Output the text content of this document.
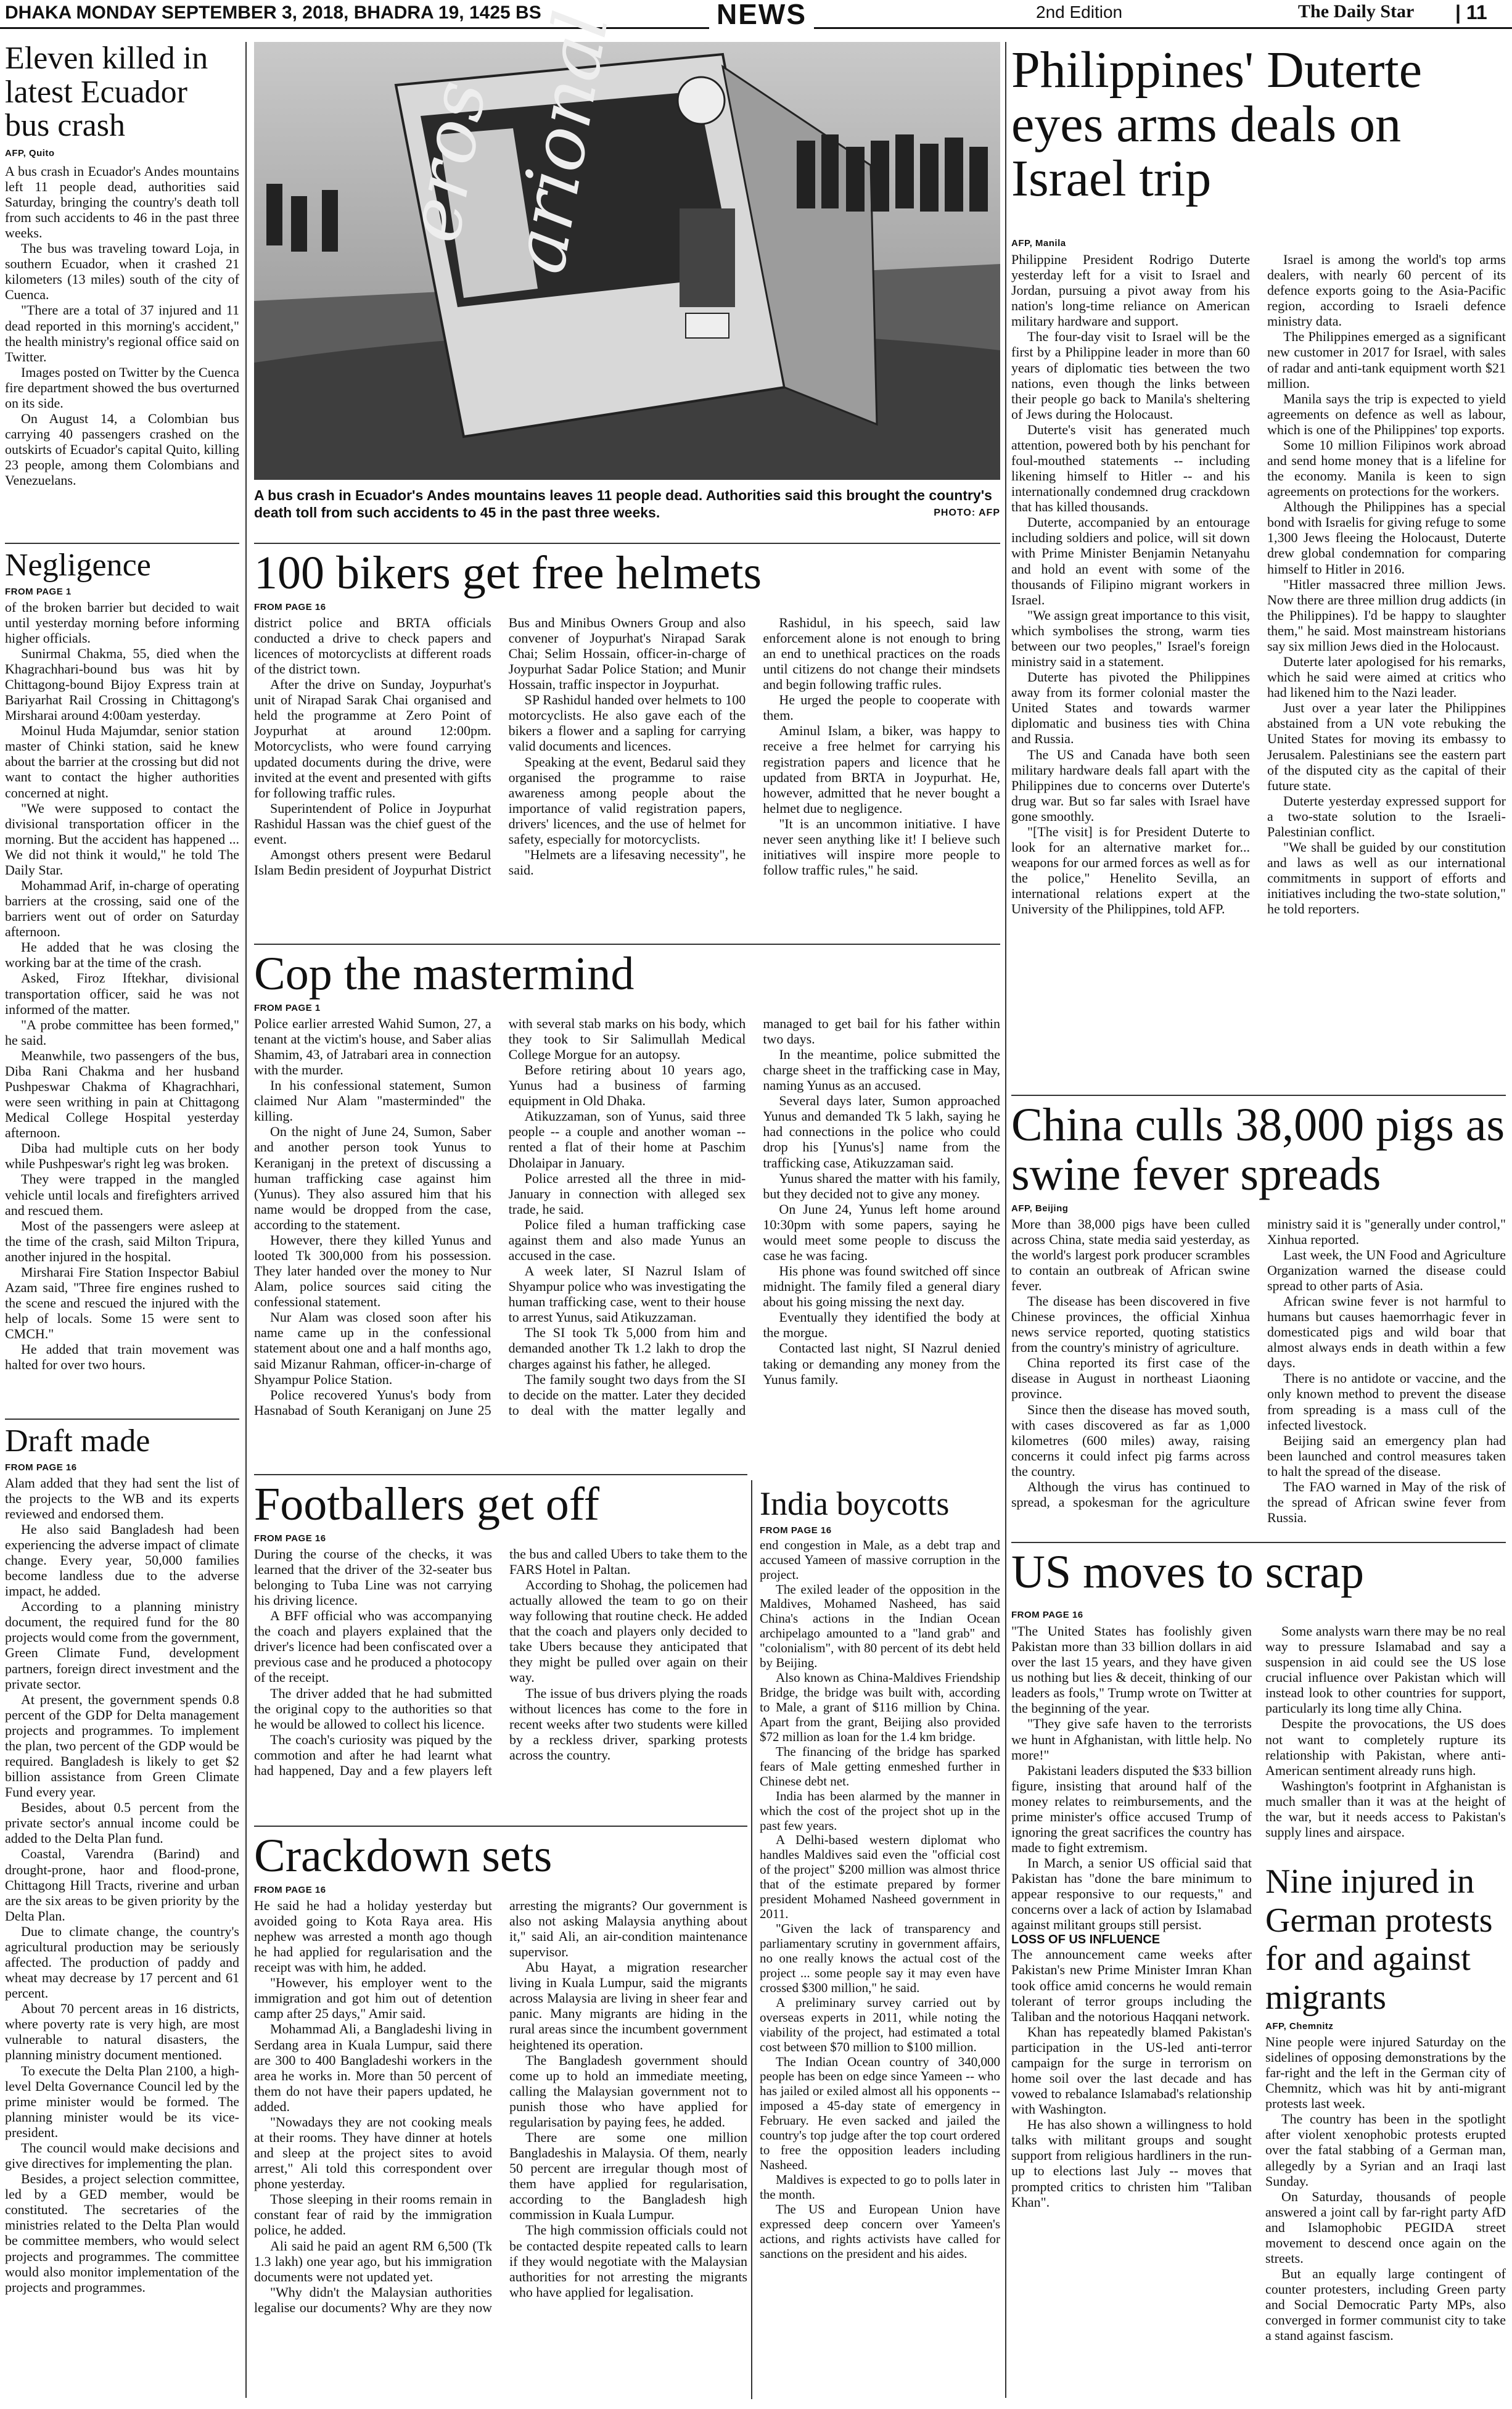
DHAKA MONDAY SEPTEMBER 3, 2018, BHADRA 19, 1425 BS	NEWS	2nd Edition	The Daily Star | 11
Eleven killed in latest Ecuador bus crash
AFP, Quito

A bus crash in Ecuador's Andes mountains left 11 people dead, authorities said Saturday, bringing the country's death toll from such accidents to 46 in the past three weeks.

The bus was traveling toward Loja, in southern Ecuador, when it crashed 21 kilometers (13 miles) south of the city of Cuenca.

"There are a total of 37 injured and 11 dead reported in this morning's accident," the health ministry's regional office said on Twitter.

Images posted on Twitter by the Cuenca fire department showed the bus overturned on its side.

On August 14, a Colombian bus carrying 40 passengers crashed on the outskirts of Ecuador's capital Quito, killing 23 people, among them Colombians and Venezuelans.

eros
arional
A bus crash in Ecuador's Andes mountains leaves 11 people dead. Authorities said this brought the country's death toll from such accidents to 45 in the past three weeks.	PHOTO: AFP
Philippines' Duterte eyes arms deals on Israel trip
AFP, Manila

Philippine President Rodrigo Duterte yesterday left for a visit to Israel and Jordan, pursuing a pivot away from his nation's long-time reliance on American military hardware and support.

The four-day visit to Israel will be the first by a Philippine leader in more than 60 years of diplomatic ties between the two nations, even though the links between their people go back to Manila's sheltering of Jews during the Holocaust.

Duterte's visit has generated much attention, powered both by his penchant for foul-mouthed statements -- including likening himself to Hitler -- and his internationally condemned drug crackdown that has killed thousands.

Duterte, accompanied by an entourage including soldiers and police, will sit down with Prime Minister Benjamin Netanyahu and hold an event with some of the thousands of Filipino migrant workers in Israel.

"We assign great importance to this visit, which symbolises the strong, warm ties between our two peoples," Israel's foreign ministry said in a statement.

Duterte has pivoted the Philippines away from its former colonial master the United States and towards warmer diplomatic and business ties with China and Russia.

The US and Canada have both seen military hardware deals fall apart with the Philippines due to concerns over Duterte's drug war. But so far sales with Israel have gone smoothly.

"[The visit] is for President Duterte to look for an alternative market for... weapons for our armed forces as well as for the police," Henelito Sevilla, an international relations expert at the University of the Philippines, told AFP.

Israel is among the world's top arms dealers, with nearly 60 percent of its defence exports going to the Asia-Pacific region, according to Israeli defence ministry data.

The Philippines emerged as a significant new customer in 2017 for Israel, with sales of radar and anti-tank equipment worth $21 million.

Manila says the trip is expected to yield agreements on defence as well as labour, which is one of the Philippines' top exports.

Some 10 million Filipinos work abroad and send home money that is a lifeline for the economy. Manila is keen to sign agreements on protections for the workers.

Although the Philippines has a special bond with Israelis for giving refuge to some 1,300 Jews fleeing the Holocaust, Duterte drew global condemnation for comparing himself to Hitler in 2016.

"Hitler massacred three million Jews. Now there are three million drug addicts (in the Philippines). I'd be happy to slaughter them," he said. Most mainstream historians say six million Jews died in the Holocaust.

Duterte later apologised for his remarks, which he said were aimed at critics who had likened him to the Nazi leader.

Just over a year later the Philippines abstained from a UN vote rebuking the United States for moving its embassy to Jerusalem. Palestinians see the eastern part of the disputed city as the capital of their future state.

Duterte yesterday expressed support for a two-state solution to the Israeli-Palestinian conflict.

"We shall be guided by our constitution and laws as well as our international commitments in support of efforts and initiatives including the two-state solution," he told reporters.

Negligence
FROM PAGE 1

of the broken barrier but decided to wait until yesterday morning before informing higher officials.

Sunirmal Chakma, 55, died when the Khagrachhari-bound bus was hit by Chittagong-bound Bijoy Express train at Bariyarhat Rail Crossing in Chittagong's Mirsharai around 4:00am yesterday.

Moinul Huda Majumdar, senior station master of Chinki station, said he knew about the barrier at the crossing but did not want to contact the higher authorities concerned at night.

"We were supposed to contact the divisional transportation officer in the morning. But the accident has happened ... We did not think it would," he told The Daily Star.

Mohammad Arif, in-charge of operating barriers at the crossing, said one of the barriers went out of order on Saturday afternoon.

He added that he was closing the working bar at the time of the crash.

Asked, Firoz Iftekhar, divisional transportation officer, said he was not informed of the matter.

"A probe committee has been formed," he said.

Meanwhile, two passengers of the bus, Diba Rani Chakma and her husband Pushpeswar Chakma of Khagrachhari, were seen writhing in pain at Chittagong Medical College Hospital yesterday afternoon.

Diba had multiple cuts on her body while Pushpeswar's right leg was broken.

They were trapped in the mangled vehicle until locals and firefighters arrived and rescued them.

Most of the passengers were asleep at the time of the crash, said Milton Tripura, another injured in the hospital.

Mirsharai Fire Station Inspector Babiul Azam said, "Three fire engines rushed to the scene and rescued the injured with the help of locals. Some 15 were sent to CMCH."

He added that train movement was halted for over two hours.

Draft made
FROM PAGE 16

Alam added that they had sent the list of the projects to the WB and its experts reviewed and endorsed them.

He also said Bangladesh had been experiencing the adverse impact of climate change. Every year, 50,000 families become landless due to the adverse impact, he added.

According to a planning ministry document, the required fund for the 80 projects would come from the government, Green Climate Fund, development partners, foreign direct investment and the private sector.

At present, the government spends 0.8 percent of the GDP for Delta management projects and programmes. To implement the plan, two percent of the GDP would be required. Bangladesh is likely to get $2 billion assistance from Green Climate Fund every year.

Besides, about 0.5 percent from the private sector's annual income could be added to the Delta Plan fund.

Coastal, Varendra (Barind) and drought-prone, haor and flood-prone, Chittagong Hill Tracts, riverine and urban are the six areas to be given priority by the Delta Plan.

Due to climate change, the country's agricultural production may be seriously affected. The production of paddy and wheat may decrease by 17 percent and 61 percent.

About 70 percent areas in 16 districts, where poverty rate is very high, are most vulnerable to natural disasters, the planning ministry document mentioned.

To execute the Delta Plan 2100, a high-level Delta Governance Council led by the prime minister would be formed. The planning minister would be its vice-president.

The council would make decisions and give directives for implementing the plan.

Besides, a project selection committee, led by a GED member, would be constituted. The secretaries of the ministries related to the Delta Plan would be committee members, who would select projects and programmes. The committee would also monitor implementation of the projects and programmes.

100 bikers get free helmets
FROM PAGE 16

district police and BRTA officials conducted a drive to check papers and licences of motorcyclists at different roads of the district town.

After the drive on Sunday, Joypurhat's unit of Nirapad Sarak Chai organised and held the programme at Zero Point of Joypurhat at around 12:00pm. Motorcyclists, who were found carrying updated documents during the drive, were invited at the event and presented with gifts for following traffic rules.

Superintendent of Police in Joypurhat Rashidul Hassan was the chief guest of the event.

Amongst others present were Bedarul Islam Bedin president of Joypurhat District Bus and Minibus Owners Group and also convener of Joypurhat's Nirapad Sarak Chai; Selim Hossain, officer-in-charge of Joypurhat Sadar Police Station; and Munir Hossain, traffic inspector in Joypurhat.

SP Rashidul handed over helmets to 100 motorcyclists. He also gave each of the bikers a flower and a sapling for carrying valid documents and licences.

Speaking at the event, Bedarul said they organised the programme to raise awareness among people about the importance of valid registration papers, drivers' licences, and the use of helmet for safety, especially for motorcyclists.

"Helmets are a lifesaving necessity", he said.

Rashidul, in his speech, said law enforcement alone is not enough to bring an end to unethical practices on the roads until citizens do not change their mindsets and begin following traffic rules.

He urged the people to cooperate with them.

Aminul Islam, a biker, was happy to receive a free helmet for carrying his registration papers and licence that he updated from BRTA in Joypurhat. He, however, admitted that he never bought a helmet due to negligence.

"It is an uncommon initiative. I have never seen anything like it! I believe such initiatives will inspire more people to follow traffic rules," he said.

Cop the mastermind
FROM PAGE 1

Police earlier arrested Wahid Sumon, 27, a tenant at the victim's house, and Saber alias Shamim, 43, of Jatrabari area in connection with the murder.

In his confessional statement, Sumon claimed Nur Alam "masterminded" the killing.

On the night of June 24, Sumon, Saber and another person took Yunus to Keraniganj in the pretext of discussing a human trafficking case against him (Yunus). They also assured him that his name would be dropped from the case, according to the statement.

However, there they killed Yunus and looted Tk 300,000 from his possession. They later handed over the money to Nur Alam, police sources said citing the confessional statement.

Nur Alam was closed soon after his name came up in the confessional statement about one and a half months ago, said Mizanur Rahman, officer-in-charge of Shyampur Police Station.

Police recovered Yunus's body from Hasnabad of South Keraniganj on June 25 with several stab marks on his body, which they took to Sir Salimullah Medical College Morgue for an autopsy.

Before retiring about 10 years ago, Yunus had a business of farming equipment in Old Dhaka.

Atikuzzaman, son of Yunus, said three people -- a couple and another woman -- rented a flat of their home at Paschim Dholaipar in January.

Police arrested all the three in mid-January in connection with alleged sex trade, he said.

Police filed a human trafficking case against them and also made Yunus an accused in the case.

A week later, SI Nazrul Islam of Shyampur police who was investigating the human trafficking case, went to their house to arrest Yunus, said Atikuzzaman.

The SI took Tk 5,000 from him and demanded another Tk 1.2 lakh to drop the charges against his father, he alleged.

The family sought two days from the SI to decide on the matter. Later they decided to deal with the matter legally and managed to get bail for his father within two days.

In the meantime, police submitted the charge sheet in the trafficking case in May, naming Yunus as an accused.

Several days later, Sumon approached Yunus and demanded Tk 5 lakh, saying he had connections in the police who could drop his [Yunus's] name from the trafficking case, Atikuzzaman said.

Yunus shared the matter with his family, but they decided not to give any money.

On June 24, Yunus left home around 10:30pm with some papers, saying he would meet some people to discuss the case he was facing.

His phone was found switched off since midnight. The family filed a general diary about his going missing the next day.

Eventually they identified the body at the morgue.

Contacted last night, SI Nazrul denied taking or demanding any money from the Yunus family.

Footballers get off
FROM PAGE 16

During the course of the checks, it was learned that the driver of the 32-seater bus belonging to Tuba Line was not carrying his driving licence.

A BFF official who was accompanying the coach and players explained that the driver's licence had been confiscated over a previous case and he produced a photocopy of the receipt.

The driver added that he had submitted the original copy to the authorities so that he would be allowed to collect his licence.

The coach's curiosity was piqued by the commotion and after he had learnt what had happened, Day and a few players left the bus and called Ubers to take them to the FARS Hotel in Paltan.

According to Shohag, the policemen had actually allowed the team to go on their way following that routine check. He added that the coach and players only decided to take Ubers because they anticipated that they might be pulled over again on their way.

The issue of bus drivers plying the roads without licences has come to the fore in recent weeks after two students were killed by a reckless driver, sparking protests across the country.

Crackdown sets
FROM PAGE 16

He said he had a holiday yesterday but avoided going to Kota Raya area. His nephew was arrested a month ago though he had applied for regularisation and the receipt was with him, he added.

"However, his employer went to the immigration and got him out of detention camp after 25 days," Amir said.

Mohammad Ali, a Bangladeshi living in Serdang area in Kuala Lumpur, said there are 300 to 400 Bangladeshi workers in the area he works in. More than 50 percent of them do not have their papers updated, he added.

"Nowadays they are not cooking meals at their rooms. They have dinner at hotels and sleep at the project sites to avoid arrest," Ali told this correspondent over phone yesterday.

Those sleeping in their rooms remain in constant fear of raid by the immigration police, he added.

Ali said he paid an agent RM 6,500 (Tk 1.3 lakh) one year ago, but his immigration documents were not updated yet.

"Why didn't the Malaysian authorities legalise our documents? Why are they now arresting the migrants? Our government is also not asking Malaysia anything about it," said Ali, an air-condition maintenance supervisor.

Abu Hayat, a migration researcher living in Kuala Lumpur, said the migrants across Malaysia are living in sheer fear and panic. Many migrants are hiding in the rural areas since the incumbent government heightened its operation.

The Bangladesh government should come up to hold an immediate meeting, calling the Malaysian government not to punish those who have applied for regularisation by paying fees, he added.

There are some one million Bangladeshis in Malaysia. Of them, nearly 50 percent are irregular though most of them have applied for regularisation, according to the Bangladesh high commission in Kuala Lumpur.

The high commission officials could not be contacted despite repeated calls to learn if they would negotiate with the Malaysian authorities for not arresting the migrants who have applied for legalisation.

India boycotts
FROM PAGE 16

end congestion in Male, as a debt trap and accused Yameen of massive corruption in the project.

The exiled leader of the opposition in the Maldives, Mohamed Nasheed, has said China's actions in the Indian Ocean archipelago amounted to a "land grab" and "colonialism", with 80 percent of its debt held by Beijing.

Also known as China-Maldives Friendship Bridge, the bridge was built with, according to Male, a grant of $116 million by China. Apart from the grant, Beijing also provided $72 million as loan for the 1.4 km bridge.

The financing of the bridge has sparked fears of Male getting enmeshed further in Chinese debt net.

India has been alarmed by the manner in which the cost of the project shot up in the past few years.

A Delhi-based western diplomat who handles Maldives said even the "official cost of the project" $200 million was almost thrice that of the estimate prepared by former president Mohamed Nasheed government in 2011.

"Given the lack of transparency and parliamentary scrutiny in government affairs, no one really knows the actual cost of the project ... some people say it may even have crossed $300 million," he said.

A preliminary survey carried out by overseas experts in 2011, while noting the viability of the project, had estimated a total cost between $70 million to $100 million.

The Indian Ocean country of 340,000 people has been on edge since Yameen -- who has jailed or exiled almost all his opponents -- imposed a 45-day state of emergency in February. He even sacked and jailed the country's top judge after the top court ordered to free the opposition leaders including Nasheed.

Maldives is expected to go to polls later in the month.

The US and European Union have expressed deep concern over Yameen's actions, and rights activists have called for sanctions on the president and his aides.

China culls 38,000 pigs as swine fever spreads
AFP, Beijing

More than 38,000 pigs have been culled across China, state media said yesterday, as the world's largest pork producer scrambles to contain an outbreak of African swine fever.

The disease has been discovered in five Chinese provinces, the official Xinhua news service reported, quoting statistics from the country's ministry of agriculture.

China reported its first case of the disease in August in northeast Liaoning province.

Since then the disease has moved south, with cases discovered as far as 1,000 kilometres (600 miles) away, raising concerns it could infect pig farms across the country.

Although the virus has continued to spread, a spokesman for the agriculture ministry said it is "generally under control," Xinhua reported.

Last week, the UN Food and Agriculture Organization warned the disease could spread to other parts of Asia.

African swine fever is not harmful to humans but causes haemorrhagic fever in domesticated pigs and wild boar that almost always ends in death within a few days.

There is no antidote or vaccine, and the only known method to prevent the disease from spreading is a mass cull of the infected livestock.

Beijing said an emergency plan had been launched and control measures taken to halt the spread of the disease.

The FAO warned in May of the risk of the spread of African swine fever from Russia.

US moves to scrap
FROM PAGE 16

"The United States has foolishly given Pakistan more than 33 billion dollars in aid over the last 15 years, and they have given us nothing but lies & deceit, thinking of our leaders as fools," Trump wrote on Twitter at the beginning of the year.

"They give safe haven to the terrorists we hunt in Afghanistan, with little help. No more!"

Pakistani leaders disputed the $33 billion figure, insisting that around half of the money relates to reimbursements, and the prime minister's office accused Trump of ignoring the great sacrifices the country has made to fight extremism.

In March, a senior US official said that Pakistan has "done the bare minimum to appear responsive to our requests," and concerns over a lack of action by Islamabad against militant groups still persist.

LOSS OF US INFLUENCE

The announcement came weeks after Pakistan's new Prime Minister Imran Khan took office amid concerns he would remain tolerant of terror groups including the Taliban and the notorious Haqqani network.

Khan has repeatedly blamed Pakistan's participation in the US-led anti-terror campaign for the surge in terrorism on home soil over the last decade and has vowed to rebalance Islamabad's relationship with Washington.

He has also shown a willingness to hold talks with militant groups and sought support from religious hardliners in the run-up to elections last July -- moves that prompted critics to christen him "Taliban Khan".

Some analysts warn there may be no real way to pressure Islamabad and say a suspension in aid could see the US lose crucial influence over Pakistan which will instead look to other countries for support, particularly its long time ally China.

Despite the provocations, the US does not want to completely rupture its relationship with Pakistan, where anti-American sentiment already runs high.

Washington's footprint in Afghanistan is much smaller than it was at the height of the war, but it needs access to Pakistan's supply lines and airspace.

Nine injured in German protests for and against migrants
AFP, Chemnitz

Nine people were injured Saturday on the sidelines of opposing demonstrations by the far-right and the left in the German city of Chemnitz, which was hit by anti-migrant protests last week.

The country has been in the spotlight after violent xenophobic protests erupted over the fatal stabbing of a German man, allegedly by a Syrian and an Iraqi last Sunday.

On Saturday, thousands of people answered a joint call by far-right party AfD and Islamophobic PEGIDA street movement to descend once again on the streets.

But an equally large contingent of counter protesters, including Green party and Social Democratic Party MPs, also converged in former communist city to take a stand against fascism.
